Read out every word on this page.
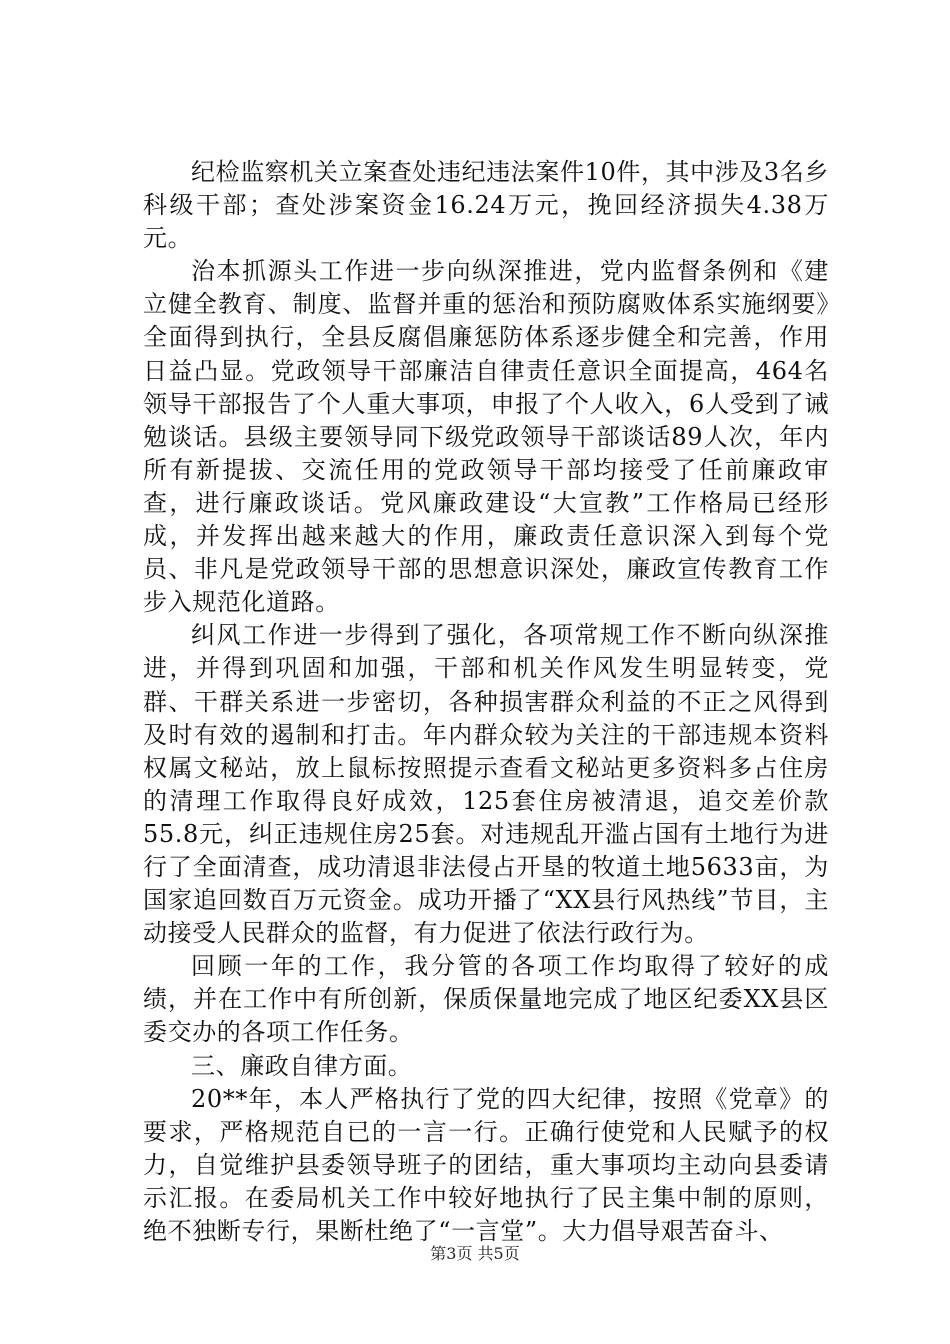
纪检监察机关立案查处违纪违法案件10件，其中涉及3名乡科级干部；查处涉案资金16.24万元，挽回经济损失4.38万元。

治本抓源头工作进一步向纵深推进，党内监督条例和《建立健全教育、制度、监督并重的惩治和预防腐败体系实施纲要》全面得到执行，全县反腐倡廉惩防体系逐步健全和完善，作用日益凸显。党政领导干部廉洁自律责任意识全面提高，464名领导干部报告了个人重大事项，申报了个人收入，6人受到了诫勉谈话。县级主要领导同下级党政领导干部谈话89人次，年内所有新提拔、交流任用的党政领导干部均接受了任前廉政审查，进行廉政谈话。党风廉政建设“大宣教”工作格局已经形成，并发挥出越来越大的作用，廉政责任意识深入到每个党员、非凡是党政领导干部的思想意识深处，廉政宣传教育工作步入规范化道路。

纠风工作进一步得到了强化，各项常规工作不断向纵深推进，并得到巩固和加强，干部和机关作风发生明显转变，党群、干群关系进一步密切，各种损害群众利益的不正之风得到及时有效的遏制和打击。年内群众较为关注的干部违规本资料权属文秘站，放上鼠标按照提示查看文秘站更多资料多占住房的清理工作取得良好成效，125套住房被清退，追交差价款55.8元，纠正违规住房25套。对违规乱开滥占国有土地行为进行了全面清查，成功清退非法侵占开垦的牧道土地5633亩，为国家追回数百万元资金。成功开播了“XX县行风热线”节目，主动接受人民群众的监督，有力促进了依法行政行为。

回顾一年的工作，我分管的各项工作均取得了较好的成绩，并在工作中有所创新，保质保量地完成了地区纪委XX县区委交办的各项工作任务。

三、廉政自律方面。

20**年，本人严格执行了党的四大纪律，按照《党章》的要求，严格规范自已的一言一行。正确行使党和人民赋予的权力，自觉维护县委领导班子的团结，重大事项均主动向县委请示汇报。在委局机关工作中较好地执行了民主集中制的原则，绝不独断专行，果断杜绝了“一言堂”。大力倡导艰苦奋斗、

第3页 共5页
